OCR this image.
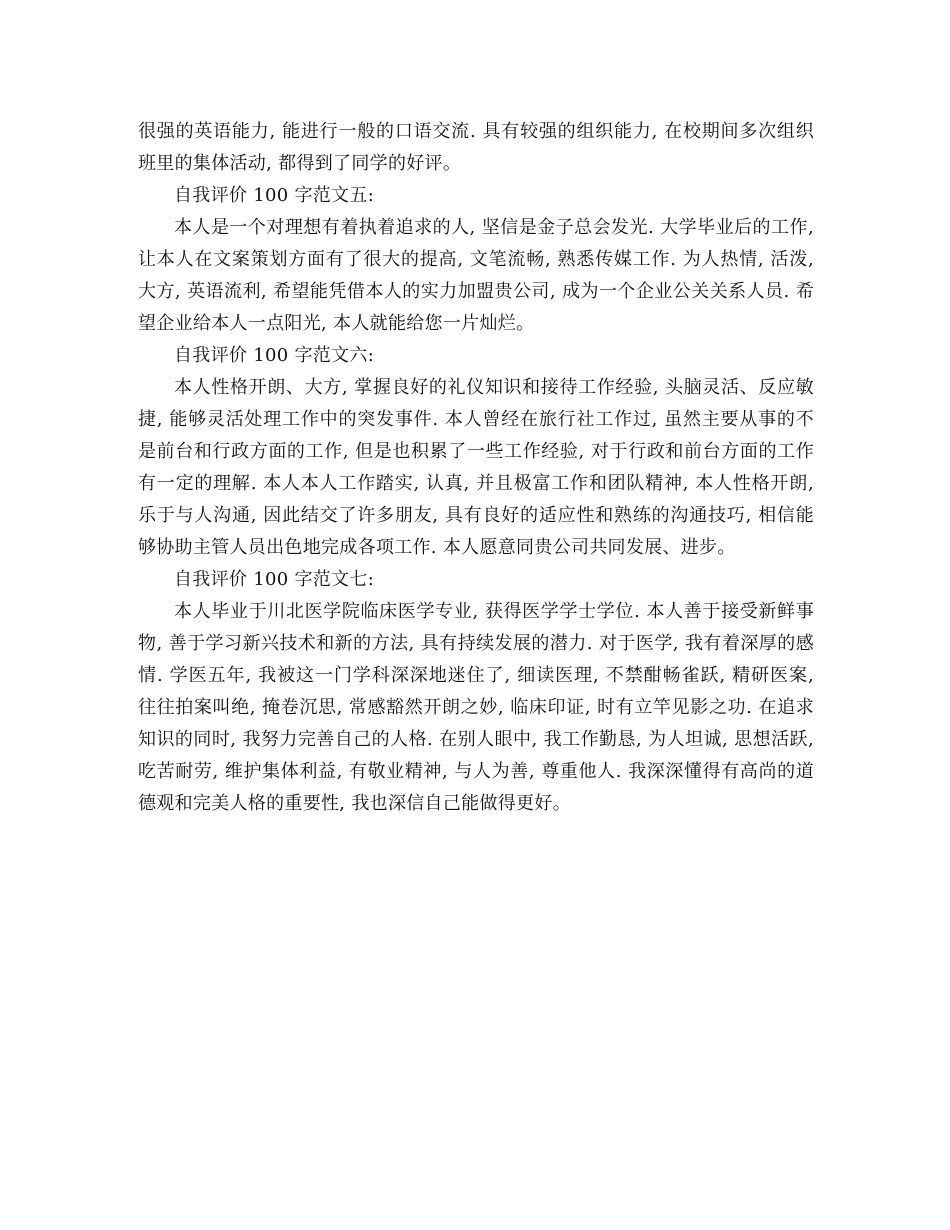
很强的英语能力, 能进行一般的口语交流. 具有较强的组织能力, 在校期间多次组织班里的集体活动, 都得到了同学的好评。

自我评价 100 字范文五:

本人是一个对理想有着执着追求的人, 坚信是金子总会发光. 大学毕业后的工作, 让本人在文案策划方面有了很大的提高, 文笔流畅, 熟悉传媒工作. 为人热情, 活泼, 大方, 英语流利, 希望能凭借本人的实力加盟贵公司, 成为一个企业公关关系人员. 希望企业给本人一点阳光, 本人就能给您一片灿烂。

自我评价 100 字范文六:

本人性格开朗、大方, 掌握良好的礼仪知识和接待工作经验, 头脑灵活、反应敏捷, 能够灵活处理工作中的突发事件. 本人曾经在旅行社工作过, 虽然主要从事的不是前台和行政方面的工作, 但是也积累了一些工作经验, 对于行政和前台方面的工作有一定的理解. 本人本人工作踏实, 认真, 并且极富工作和团队精神, 本人性格开朗, 乐于与人沟通, 因此结交了许多朋友, 具有良好的适应性和熟练的沟通技巧, 相信能够协助主管人员出色地完成各项工作. 本人愿意同贵公司共同发展、进步。

自我评价 100 字范文七:

本人毕业于川北医学院临床医学专业, 获得医学学士学位. 本人善于接受新鲜事物, 善于学习新兴技术和新的方法, 具有持续发展的潜力. 对于医学, 我有着深厚的感情. 学医五年, 我被这一门学科深深地迷住了, 细读医理, 不禁酣畅雀跃, 精研医案, 往往拍案叫绝, 掩卷沉思, 常感豁然开朗之妙, 临床印证, 时有立竿见影之功. 在追求知识的同时, 我努力完善自己的人格. 在别人眼中, 我工作勤恳, 为人坦诚, 思想活跃, 吃苦耐劳, 维护集体利益, 有敬业精神, 与人为善, 尊重他人. 我深深懂得有高尚的道德观和完美人格的重要性, 我也深信自己能做得更好。
